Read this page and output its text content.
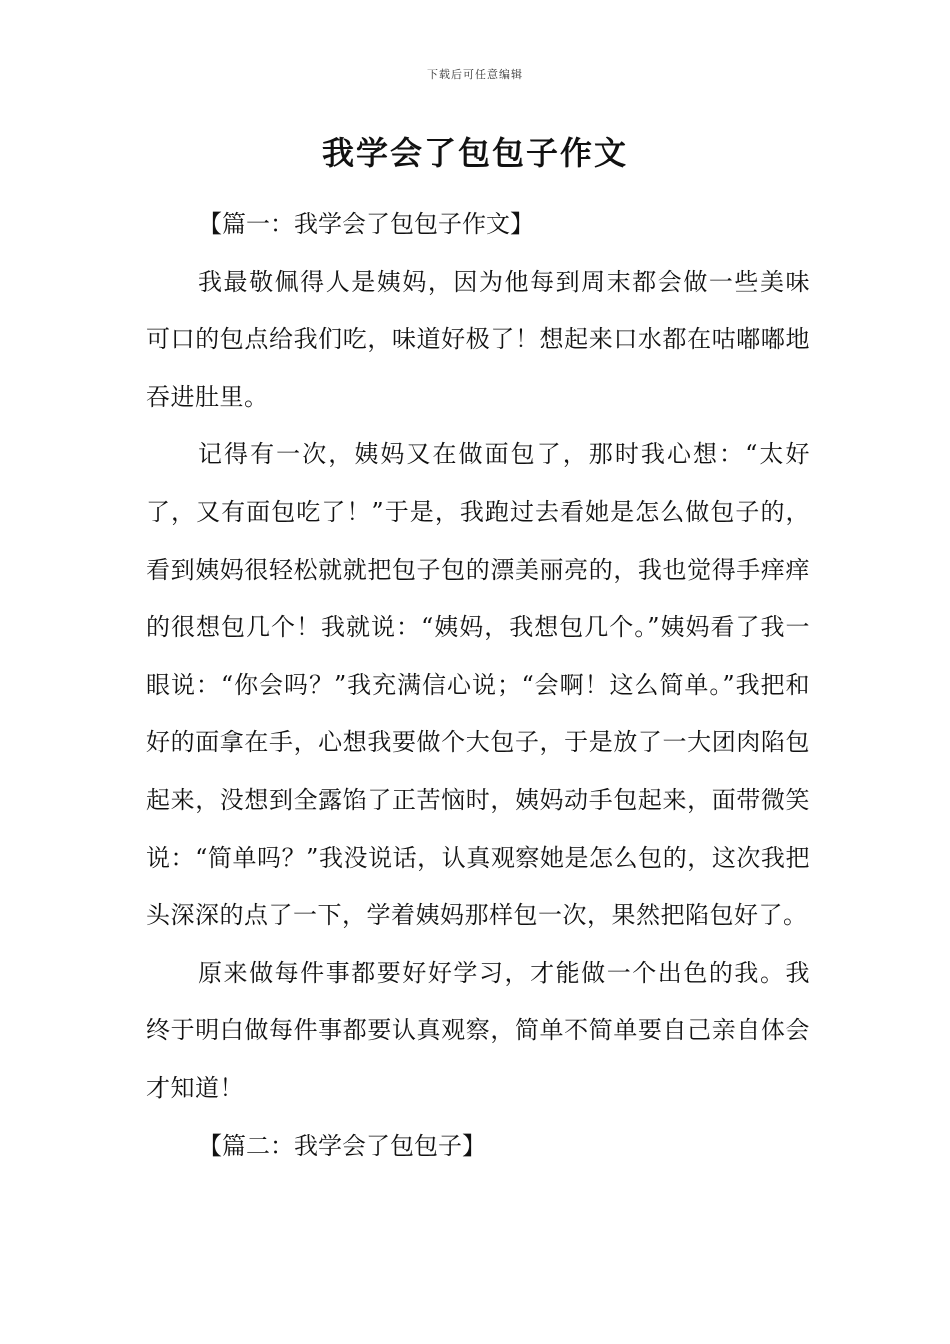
下载后可任意编辑
我学会了包包子作文

【篇一：我学会了包包子作文】

我最敬佩得人是姨妈，因为他每到周末都会做一些美味可口的包点给我们吃，味道好极了！想起来口水都在咕嘟嘟地吞进肚里。

记得有一次，姨妈又在做面包了，那时我心想：“太好了，又有面包吃了！”于是，我跑过去看她是怎么做包子的，看到姨妈很轻松就就把包子包的漂美丽亮的，我也觉得手痒痒的很想包几个！我就说：“姨妈，我想包几个。”姨妈看了我一眼说：“你会吗？”我充满信心说；“会啊！这么简单。”我把和好的面拿在手，心想我要做个大包子，于是放了一大团肉陷包起来，没想到全露馅了正苦恼时，姨妈动手包起来，面带微笑说：“简单吗？”我没说话，认真观察她是怎么包的，这次我把头深深的点了一下，学着姨妈那样包一次，果然把陷包好了。

原来做每件事都要好好学习，才能做一个出色的我。我终于明白做每件事都要认真观察，简单不简单要自己亲自体会才知道！

【篇二：我学会了包包子】
